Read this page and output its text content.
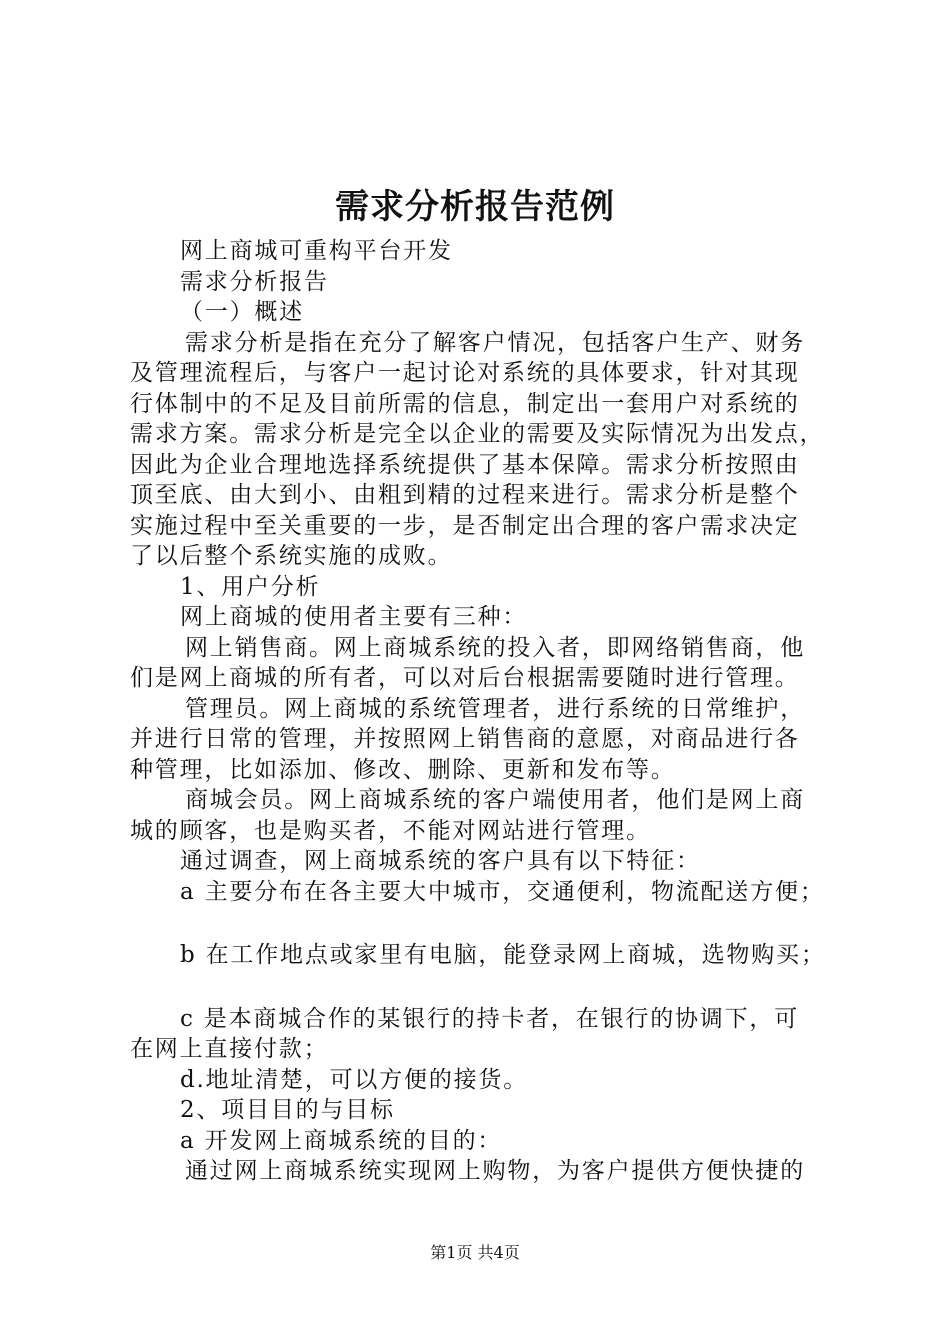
需求分析报告范例
网上商城可重构平台开发
需求分析报告
（一）概述
需求分析是指在充分了解客户情况，包括客户生产、财务
及管理流程后，与客户一起讨论对系统的具体要求，针对其现
行体制中的不足及目前所需的信息，制定出一套用户对系统的
需求方案。需求分析是完全以企业的需要及实际情况为出发点，
因此为企业合理地选择系统提供了基本保障。需求分析按照由
顶至底、由大到小、由粗到精的过程来进行。需求分析是整个
实施过程中至关重要的一步，是否制定出合理的客户需求决定
了以后整个系统实施的成败。
1、用户分析
网上商城的使用者主要有三种：
网上销售商。网上商城系统的投入者，即网络销售商，他
们是网上商城的所有者，可以对后台根据需要随时进行管理。
管理员。网上商城的系统管理者，进行系统的日常维护，
并进行日常的管理，并按照网上销售商的意愿，对商品进行各
种管理，比如添加、修改、删除、更新和发布等。
商城会员。网上商城系统的客户端使用者，他们是网上商
城的顾客，也是购买者，不能对网站进行管理。
通过调查，网上商城系统的客户具有以下特征：
a 主要分布在各主要大中城市，交通便利，物流配送方便；
b 在工作地点或家里有电脑，能登录网上商城，选物购买；
c 是本商城合作的某银行的持卡者，在银行的协调下，可
在网上直接付款；
d.地址清楚，可以方便的接货。
2、项目目的与目标
a 开发网上商城系统的目的：
通过网上商城系统实现网上购物，为客户提供方便快捷的
第1页 共4页
